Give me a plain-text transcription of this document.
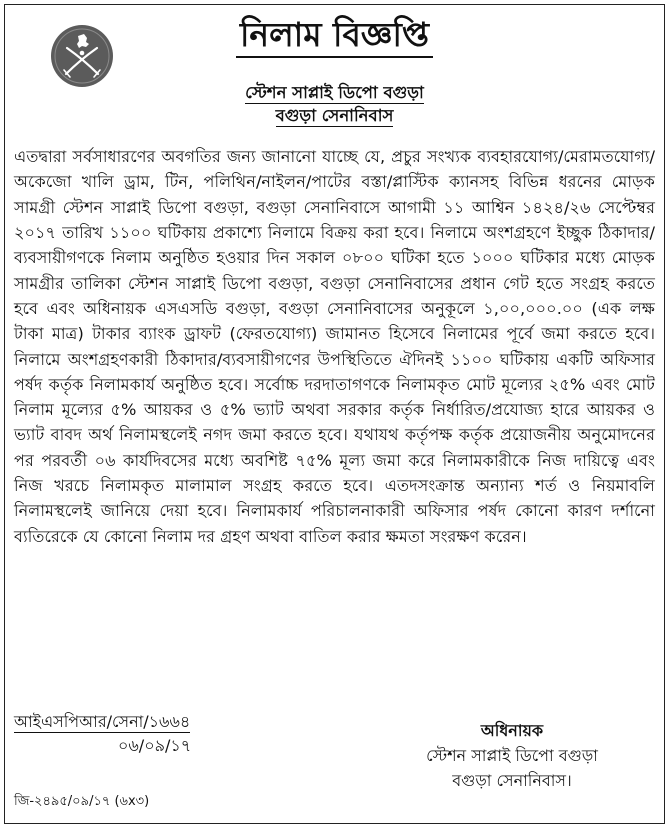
নিলাম বিজ্ঞপ্তি
স্টেশন সাপ্লাই ডিপো বগুড়া
বগুড়া সেনানিবাস

এতদ্বারা সর্বসাধারণের অবগতির জন্য জানানো যাচ্ছে যে, প্রচুর সংখ্যক ব্যবহারযোগ্য/মেরামতযোগ্য/অকেজো খালি ড্রাম, টিন, পলিথিন/নাইলন/পাটের বস্তা/প্লাস্টিক ক্যানসহ বিভিন্ন ধরনের মোড়ক সামগ্রী স্টেশন সাপ্লাই ডিপো বগুড়া, বগুড়া সেনানিবাসে আগামী ১১ আশ্বিন ১৪২৪/২৬ সেপ্টেম্বর ২০১৭ তারিখ ১১০০ ঘটিকায় প্রকাশ্যে নিলামে বিক্রয় করা হবে। নিলামে অংশগ্রহণে ইচ্ছুক ঠিকাদার/ব্যবসায়ীগণকে নিলাম অনুষ্ঠিত হওয়ার দিন সকাল ০৮০০ ঘটিকা হতে ১০০০ ঘটিকার মধ্যে মোড়ক সামগ্রীর তালিকা স্টেশন সাপ্লাই ডিপো বগুড়া, বগুড়া সেনানিবাসের প্রধান গেট হতে সংগ্রহ করতে হবে এবং অধিনায়ক এসএসডি বগুড়া, বগুড়া সেনানিবাসের অনুকূলে ১,০০,০০০.০০ (এক লক্ষ টাকা মাত্র) টাকার ব্যাংক ড্রাফট (ফেরতযোগ্য) জামানত হিসেবে নিলামের পূর্বে জমা করতে হবে। নিলামে অংশগ্রহণকারী ঠিকাদার/ব্যবসায়ীগণের উপস্থিতিতে ঐদিনই ১১০০ ঘটিকায় একটি অফিসার পর্ষদ কর্তৃক নিলামকার্য অনুষ্ঠিত হবে। সর্বোচ্চ দরদাতাগণকে নিলামকৃত মোট মূল্যের ২৫% এবং মোট নিলাম মূল্যের ৫% আয়কর ও ৫% ভ্যাট অথবা সরকার কর্তৃক নির্ধারিত/প্রযোজ্য হারে আয়কর ও ভ্যাট বাবদ অর্থ নিলামস্থলেই নগদ জমা করতে হবে। যথাযথ কর্তৃপক্ষ কর্তৃক প্রয়োজনীয় অনুমোদনের পর পরবর্তী ০৬ কার্যদিবসের মধ্যে অবশিষ্ট ৭৫% মূল্য জমা করে নিলামকারীকে নিজ দায়িত্বে এবং নিজ খরচে নিলামকৃত মালামাল সংগ্রহ করতে হবে। এতদসংক্রান্ত অন্যান্য শর্ত ও নিয়মাবলি নিলামস্থলেই জানিয়ে দেয়া হবে। নিলামকার্য পরিচালনাকারী অফিসার পর্ষদ কোনো কারণ দর্শানো ব্যতিরেকে যে কোনো নিলাম দর গ্রহণ অথবা বাতিল করার ক্ষমতা সংরক্ষণ করেন।

আইএসপিআর/সেনা/১৬৬৪
০৬/০৯/১৭
অধিনায়ক
স্টেশন সাপ্লাই ডিপো বগুড়া
বগুড়া সেনানিবাস।
জি-২৪৯৫/০৯/১৭ (৬x৩)
